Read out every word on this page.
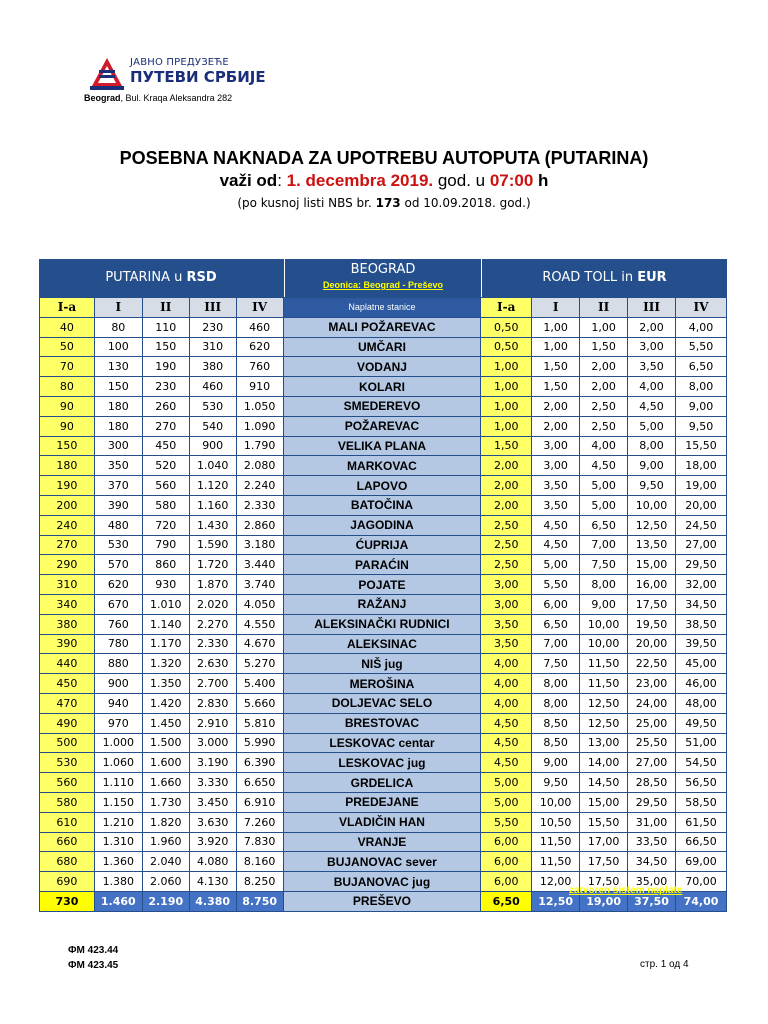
ЈАВНО ПРЕДУЗЕЋЕ
ПУТЕВИ СРБИЈЕ
Beograd, Bul. Kraqa Aleksandra 282
POSEBNA NAKNADA ZA UPOTREBU AUTOPUTA (PUTARINA)
važi od: 1. decembra 2019. god. u 07:00 h
(po kusnoj listi NBS br. 173 od 10.09.2018. god.)
PUTARINA u RSD
BEOGRAD
Deonica: Beograd - Preševo	ROAD TOLL in EUR
I-a	I	II	III	IV	Naplatne stanice	I-a	I	II	III	IV
40	80	110	230	460	MALI POŽAREVAC	0,50	1,00	1,00	2,00	4,00
50	100	150	310	620	UMČARI	0,50	1,00	1,50	3,00	5,50
70	130	190	380	760	VODANJ	1,00	1,50	2,00	3,50	6,50
80	150	230	460	910	KOLARI	1,00	1,50	2,00	4,00	8,00
90	180	260	530	1.050	SMEDEREVO	1,00	2,00	2,50	4,50	9,00
90	180	270	540	1.090	POŽAREVAC	1,00	2,00	2,50	5,00	9,50
150	300	450	900	1.790	VELIKA PLANA	1,50	3,00	4,00	8,00	15,50
180	350	520	1.040	2.080	MARKOVAC	2,00	3,00	4,50	9,00	18,00
190	370	560	1.120	2.240	LAPOVO	2,00	3,50	5,00	9,50	19,00
200	390	580	1.160	2.330	BATOČINA	2,00	3,50	5,00	10,00	20,00
240	480	720	1.430	2.860	JAGODINA	2,50	4,50	6,50	12,50	24,50
270	530	790	1.590	3.180	ĆUPRIJA	2,50	4,50	7,00	13,50	27,00
290	570	860	1.720	3.440	PARAĆIN	2,50	5,00	7,50	15,00	29,50
310	620	930	1.870	3.740	POJATE	3,00	5,50	8,00	16,00	32,00
340	670	1.010	2.020	4.050	RAŽANJ	3,00	6,00	9,00	17,50	34,50
380	760	1.140	2.270	4.550	ALEKSINAČKI RUDNICI	3,50	6,50	10,00	19,50	38,50
390	780	1.170	2.330	4.670	ALEKSINAC	3,50	7,00	10,00	20,00	39,50
440	880	1.320	2.630	5.270	NIŠ jug	4,00	7,50	11,50	22,50	45,00
450	900	1.350	2.700	5.400	MEROŠINA	4,00	8,00	11,50	23,00	46,00
470	940	1.420	2.830	5.660	DOLJEVAC SELO	4,00	8,00	12,50	24,00	48,00
490	970	1.450	2.910	5.810	BRESTOVAC	4,50	8,50	12,50	25,00	49,50
500	1.000	1.500	3.000	5.990	LESKOVAC centar	4,50	8,50	13,00	25,50	51,00
530	1.060	1.600	3.190	6.390	LESKOVAC jug	4,50	9,00	14,00	27,00	54,50
560	1.110	1.660	3.330	6.650	GRDELICA	5,00	9,50	14,50	28,50	56,50
580	1.150	1.730	3.450	6.910	PREDEJANE	5,00	10,00	15,00	29,50	58,50
610	1.210	1.820	3.630	7.260	VLADIČIN HAN	5,50	10,50	15,50	31,00	61,50
660	1.310	1.960	3.920	7.830	VRANJE	6,00	11,50	17,00	33,50	66,50
680	1.360	2.040	4.080	8.160	BUJANOVAC sever	6,00	11,50	17,50	34,50	69,00
690	1.380	2.060	4.130	8.250	BUJANOVAC jug	6,00	12,00	17,50	35,00	70,00
730	1.460	2.190	4.380	8.750	PREŠEVO	6,50	12,50	19,00	37,50	74,00
zatvoren sistem naplate
ФМ 423.44
ФМ 423.45	стр. 1 од 4
